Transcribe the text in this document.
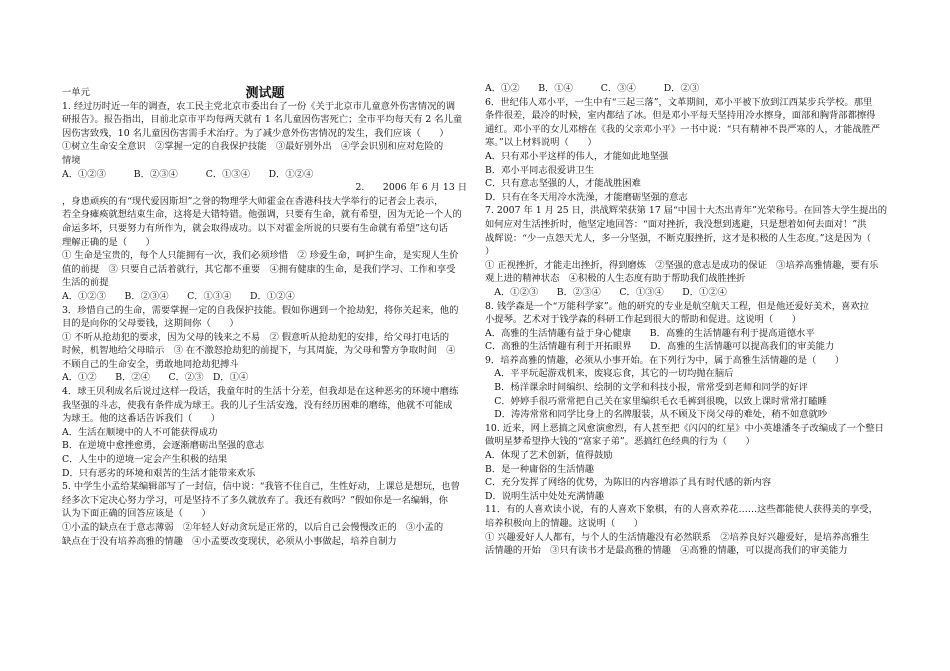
测试题
一单元
1. 经过历时近一年的调查，农工民主党北京市委出台了一份《关于北京市儿童意外伤害情况的调
研报告》。报告指出，目前北京市平均每两天就有 1 名儿童因伤害死亡；全市平均每天有 2 名儿童
因伤害致残，10 名儿童因伤害需手术治疗。为了减少意外伤害情况的发生，我们应该（　　）
①树立生命安全意识　②掌握一定的自我保护技能　③最好别外出　④学会识别和应对危险的
情境
A．①②③　　　B．②③④　　　C．①③④　　D．①②④
2.　　2006 年 6 月 13 日
，身患顽疾的有“现代爱因斯坦”之誉的物理学大师霍金在香港科技大学举行的记者会上表示，
若全身瘫痪就想结束生命，这将是大错特错。他强调，只要有生命，就有希望，因为无论一个人的
命运多坏，只要努力有所作为，就会取得成功。以下对霍金所说的只要有生命就有希望”这句话
理解正确的是（　　）
① 生命是宝贵的，每个人只能拥有一次，我们必须珍惜　② 珍爱生命，呵护生命，是实现人生价
值的前提　③ 只要自己活着就行，其它都不重要　④拥有健康的生命，是我们学习、工作和享受
生活的前提
A．①②③　　B．②③④　　C．①③④　　D．①②④
3．珍惜自己的生命，需要掌握一定的自我保护技能。假如你遇到一个抢劫犯，将你关起来，他的
目的是向你的父母要钱，这期间你（　　）
① 不听从抢劫犯的要求，因为父母的钱来之不易　② 假意听从抢劫犯的安排，给父母打电话的
时候，机智地给父母暗示　③ 在不激怒抢劫犯的前提下，与其周旋，为父母和警方争取时间　④
不顾自己的生命安全，勇敢地同抢劫犯搏斗
A．①②　　B．②④　　C．②③　D．①④
4．球王贝利成名后说过这样一段话，我童年时的生活十分差，但我却是在这种恶劣的环境中磨练
我坚强的斗志，使我有条件成为球王。我的儿子生活安逸，没有经历困难的磨练，他就不可能成
为球王。他的这番话告诉我们（　　）
A．生活在顺境中的人不可能获得成功
B．在逆境中愈挫愈勇，会逐渐磨砺出坚强的意志
C．人生中的逆境一定会产生积极的结果
D．只有恶劣的环境和艰苦的生活才能带来欢乐
5. 中学生小孟给某编辑部写了一封信，信中说：“我管不住自己，生性好动，上课总是想玩，也曾
经多次下定决心努力学习，可是坚持不了多久就放弃了。我还有救吗？”假如你是一名编辑，你
认为下面正确的回答应该是（　　）
①小孟的缺点在于意志薄弱　②年轻人好动贪玩是正常的，以后自己会慢慢改正的　③小孟的
缺点在于没有培养高雅的情趣　④小孟要改变现状，必须从小事做起，培养自制力
A．①②　　B．①④　　　C．③④　　　D．②③
6．世纪伟人邓小平，一生中有“三起三落”，文革期间，邓小平被下放到江西某步兵学校。那里
条件很差，最冷的时候，室内都结了冰。但是邓小平每天坚持用冷水擦身，面部和胸背部都擦得
通红。邓小平的女儿邓榕在《我的父亲邓小平》一书中说：“只有精神不畏严寒的人，才能战胜严
寒。”以上材料说明（　　）
A．只有邓小平这样的伟人，才能如此地坚强
B．邓小平同志很爱讲卫生
C．只有意志坚强的人，才能战胜困难
D．只有在冬天用冷水洗澡，才能磨砺坚强的意志
7. 2007 年 1 月 25 日，洪战辉荣获第 17 届“中国十大杰出青年”光荣称号。在回答大学生提出的
如何应对生活挫折时，他坚定地回答：“面对挫折，我没想到逃避，只是想着如何去面对！”洪
战辉说：“少一点怨天尤人，多一分坚强，不断克服挫折，这才是积极的人生态度。”这是因为（
）
① 正视挫折，才能走出挫折，得到磨炼　②坚强的意志是成功的保证　③培养高雅情趣，要有乐
观上进的精神状态　④积极的人生态度有助于帮助我们战胜挫折
　A．①②③　　B．②③④　　C．①③④　　D．①②④
8. 钱学森是一个“万能科学家”。他的研究的专业是航空航天工程，但是他还爱好美术，喜欢拉
小提琴。艺术对于钱学森的科研工作起到很大的帮助和促进。这说明（　　）
A．高雅的生活情趣有益于身心健康　　B．高雅的生活情趣有利于提高道德水平
C．高雅的生活情趣有利于开拓眼界　　D．高雅的生活情趣可以提高我们的审美能力
9．培养高雅的情趣，必须从小事开始。在下列行为中，属于高雅生活情趣的是（　　）
　A．平平玩起游戏机来，废寝忘食，其它的一切均抛在脑后
　B．杨洋课余时间编织、绘制的文学和科技小报，常常受到老师和同学的好评
　C．婷婷手很巧常常把自己关在家里编织毛衣毛裤到很晚，以致上课时常常打瞌睡
　D．涛涛常常和同学比身上的名牌服装，从不顾及下岗父母的难处，稍不如意就吵
10. 近来，网上恶搞之风愈演愈烈，有人甚至把《闪闪的红星》中小英雄潘冬子改编成了一个整日
做明星梦希望挣大钱的“富家子弟”。恶搞红色经典的行为（　　）
A．体现了艺术创新，值得鼓励
B．是一种庸俗的生活情趣
C．充分发挥了网络的优势，为陈旧的内容增添了具有时代感的新内容
D．说明生活中处处充满情趣
11．有的人喜欢读小说，有的人喜欢下象棋，有的人喜欢养花……这些都能使人获得美的享受，
培养积极向上的情趣。这说明（　　）
① 兴趣爱好人人都有，与个人的生活情趣没有必然联系　②培养良好兴趣爱好，是培养高雅生
活情趣的开始　③只有读书才是最高雅的情趣　④高雅的情趣，可以提高我们的审美能力
